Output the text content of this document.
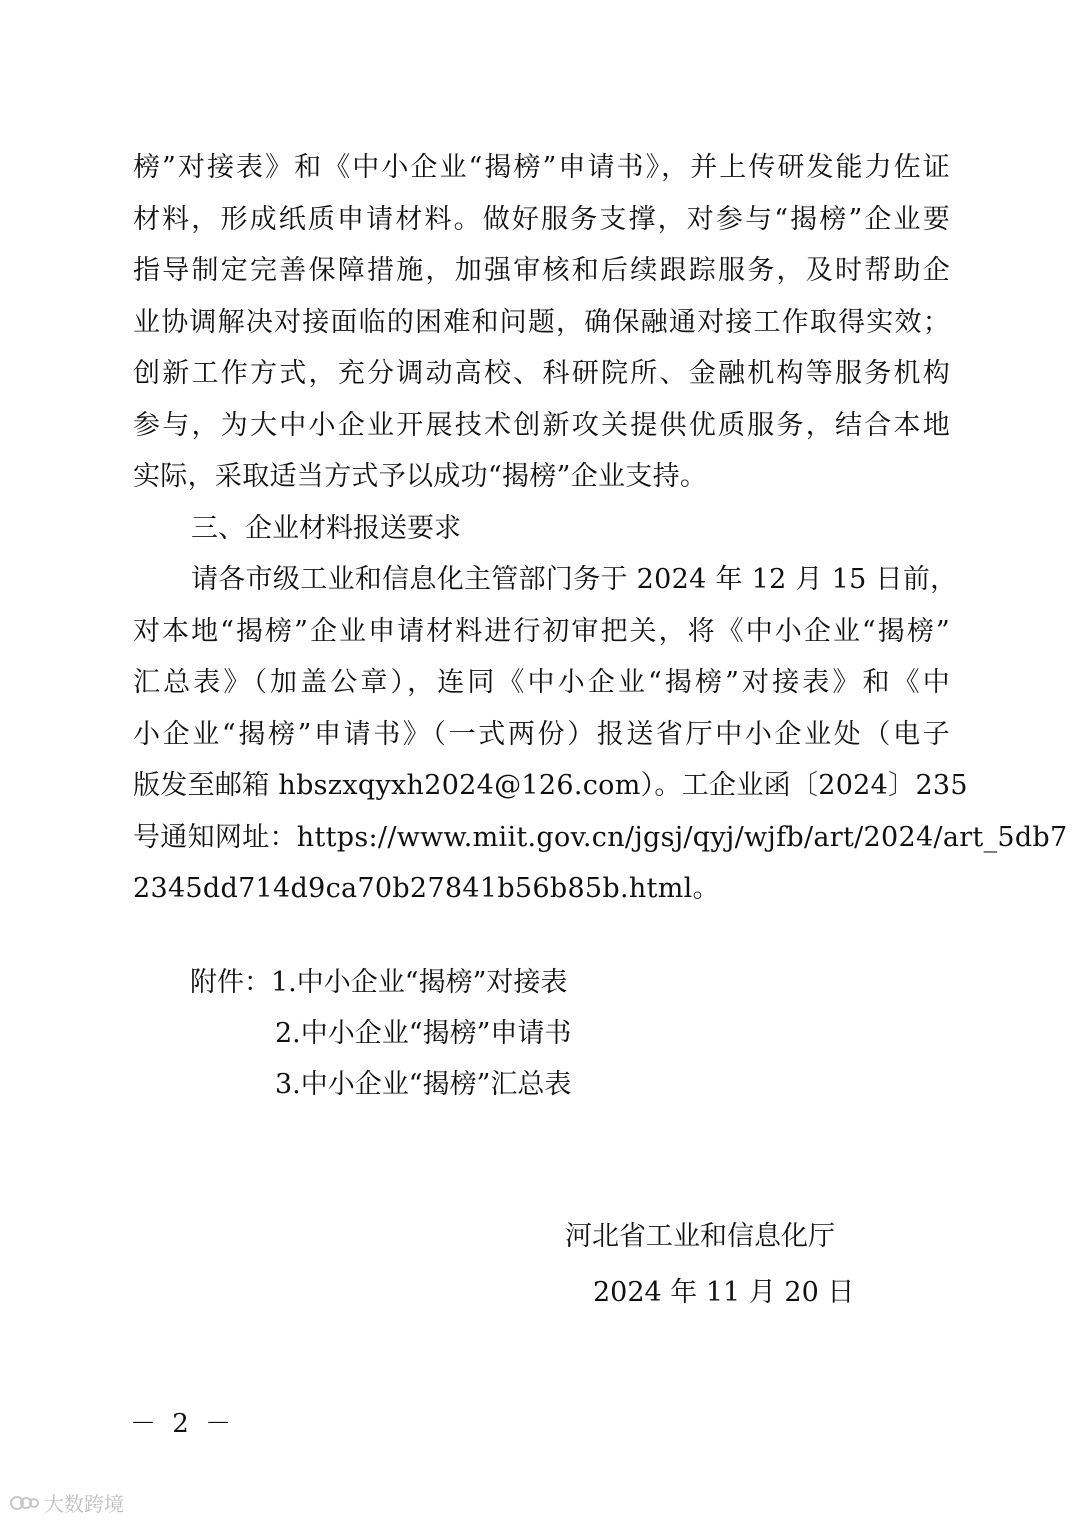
榜”对接表》和《中小企业“揭榜”申请书》，并上传研发能力佐证
材料，形成纸质申请材料。做好服务支撑，对参与“揭榜”企业要
指导制定完善保障措施，加强审核和后续跟踪服务，及时帮助企
业协调解决对接面临的困难和问题，确保融通对接工作取得实效；
创新工作方式，充分调动高校、科研院所、金融机构等服务机构
参与，为大中小企业开展技术创新攻关提供优质服务，结合本地
实际，采取适当方式予以成功“揭榜”企业支持。
三、企业材料报送要求
请各市级工业和信息化主管部门务于 2024 年 12 月 15 日前，
对本地“揭榜”企业申请材料进行初审把关，将《中小企业“揭榜”
汇总表》（加盖公章），连同《中小企业“揭榜”对接表》和《中
小企业“揭榜”申请书》（一式两份）报送省厅中小企业处（电子
版发至邮箱 hbszxqyxh2024@126.com）。工企业函〔2024〕235
号通知网址：https://www.miit.gov.cn/jgsj/qyj/wjfb/art/2024/art_5db7
2345dd714d9ca70b27841b56b85b.html。
附件：1.中小企业“揭榜”对接表
2.中小企业“揭榜”申请书
3.中小企业“揭榜”汇总表
河北省工业和信息化厅
2024 年 11 月 20 日
－ 2 －
大数跨境
